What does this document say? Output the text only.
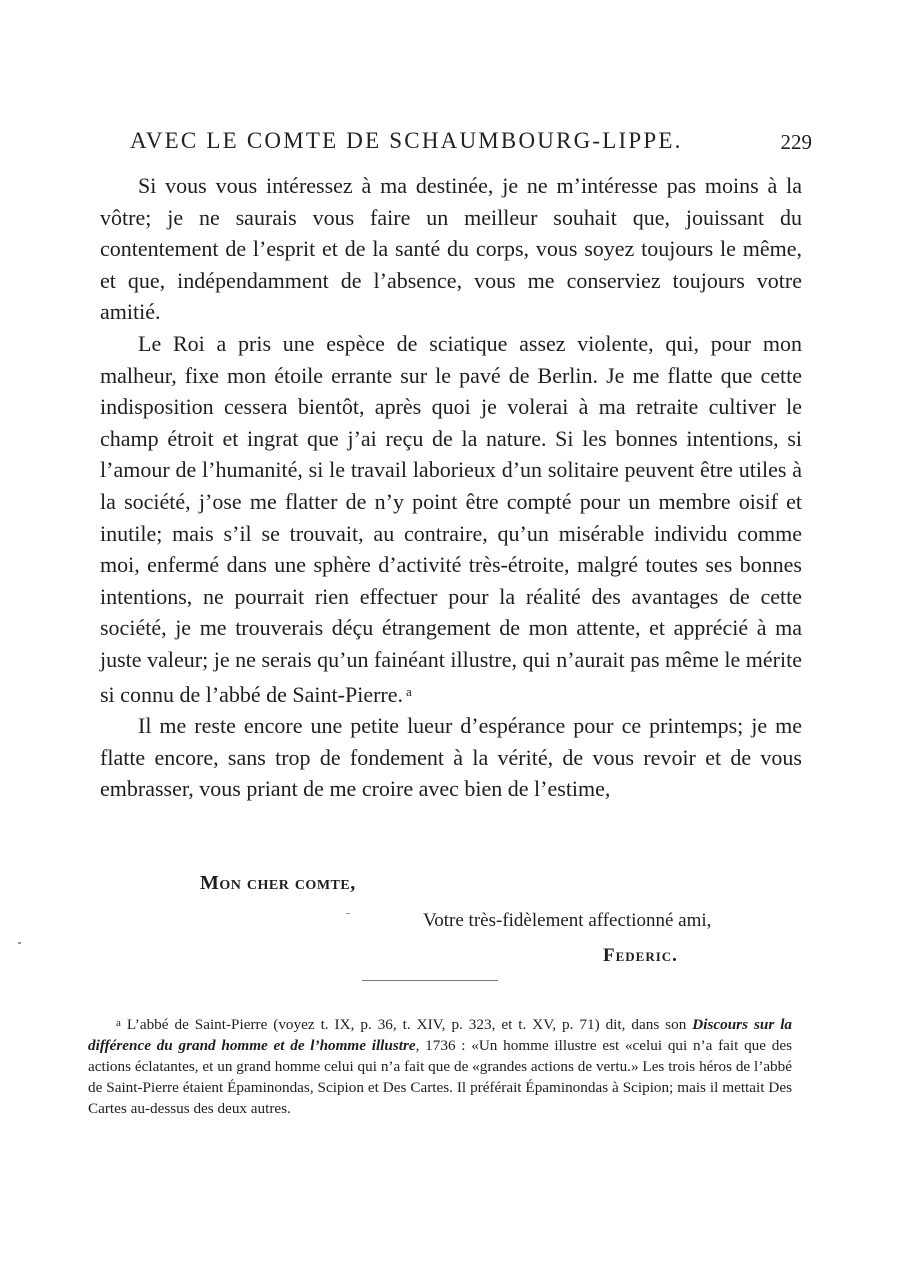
AVEC LE COMTE DE SCHAUMBOURG-LIPPE.	229

Si vous vous intéressez à ma destinée, je ne m’intéresse pas moins à la vôtre; je ne saurais vous faire un meilleur souhait que, jouissant du contentement de l’esprit et de la santé du corps, vous soyez toujours le même, et que, indépendamment de l’absence, vous me conserviez toujours votre amitié.

Le Roi a pris une espèce de sciatique assez violente, qui, pour mon malheur, fixe mon étoile errante sur le pavé de Berlin. Je me flatte que cette indisposition cessera bientôt, après quoi je volerai à ma retraite cultiver le champ étroit et ingrat que j’ai reçu de la nature. Si les bonnes intentions, si l’amour de l’humanité, si le travail laborieux d’un solitaire peuvent être utiles à la société, j’ose me flatter de n’y point être compté pour un membre oisif et inutile; mais s’il se trouvait, au contraire, qu’un misérable individu comme moi, enfermé dans une sphère d’activité très-étroite, malgré toutes ses bonnes intentions, ne pourrait rien effectuer pour la réalité des avantages de cette société, je me trouverais déçu étrangement de mon attente, et apprécié à ma juste valeur; je ne serais qu’un fainéant illustre, qui n’aurait pas même le mérite si connu de l’abbé de Saint-Pierre. $^a$

Il me reste encore une petite lueur d’espérance pour ce printemps; je me flatte encore, sans trop de fondement à la vérité, de vous revoir et de vous embrasser, vous priant de me croire avec bien de l’estime,

Mon cher comte,
Votre très-fidèlement affectionné ami,
Federic.

a L’abbé de Saint-Pierre (voyez t. IX, p. 36, t. XIV, p. 323, et t. XV, p. 71) dit, dans son Discours sur la différence du grand homme et de l’homme illustre, 1736 : «Un homme illustre est «celui qui n’a fait que des actions éclatantes, et un grand homme celui qui n’a fait que de «grandes actions de vertu.» Les trois héros de l’abbé de Saint-Pierre étaient Épaminondas, Scipion et Des Cartes. Il préférait Épaminondas à Scipion; mais il mettait Des Cartes au-dessus des deux autres.
